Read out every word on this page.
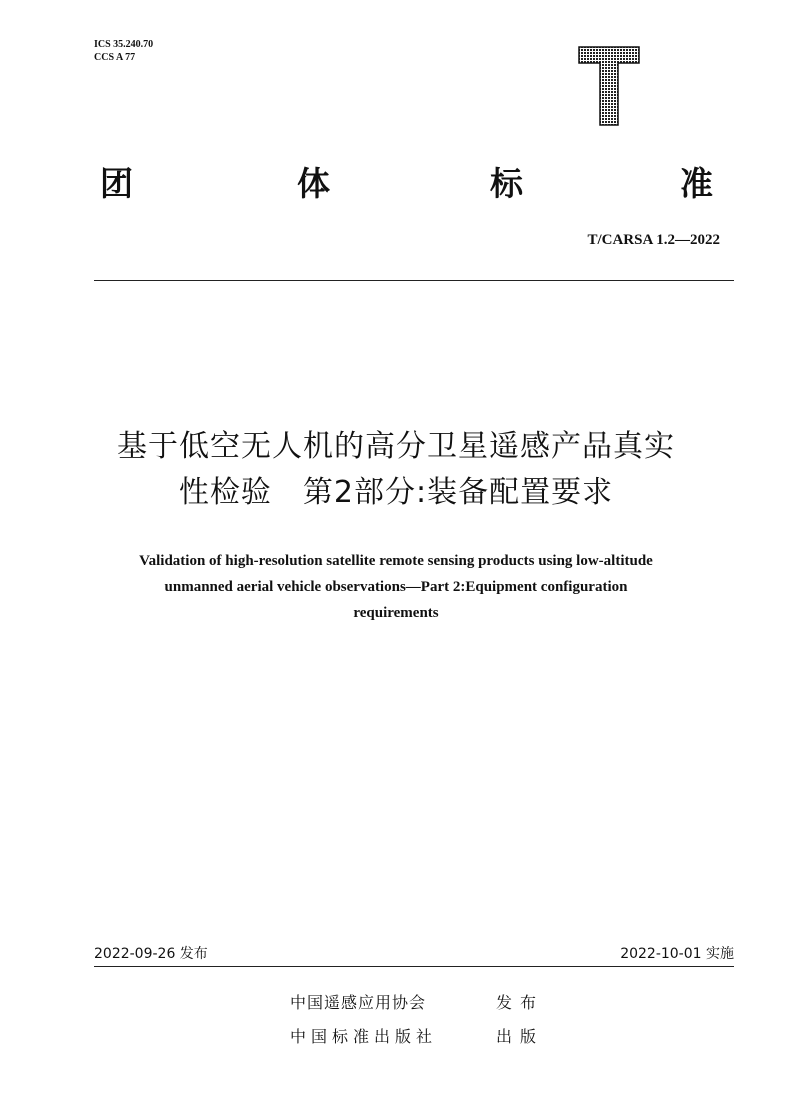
ICS 35.240.70
CCS A 77
团	体	标	准
T/CARSA 1.2—2022
基于低空无人机的高分卫星遥感产品真实
性检验　第2部分:装备配置要求
Validation of high-resolution satellite remote sensing products using low-altitude
unmanned aerial vehicle observations—Part 2:Equipment configuration
requirements
2022-09-26 发布	2022-10-01 实施
中国遥感应用协会	发布
中国标准出版社	出版
